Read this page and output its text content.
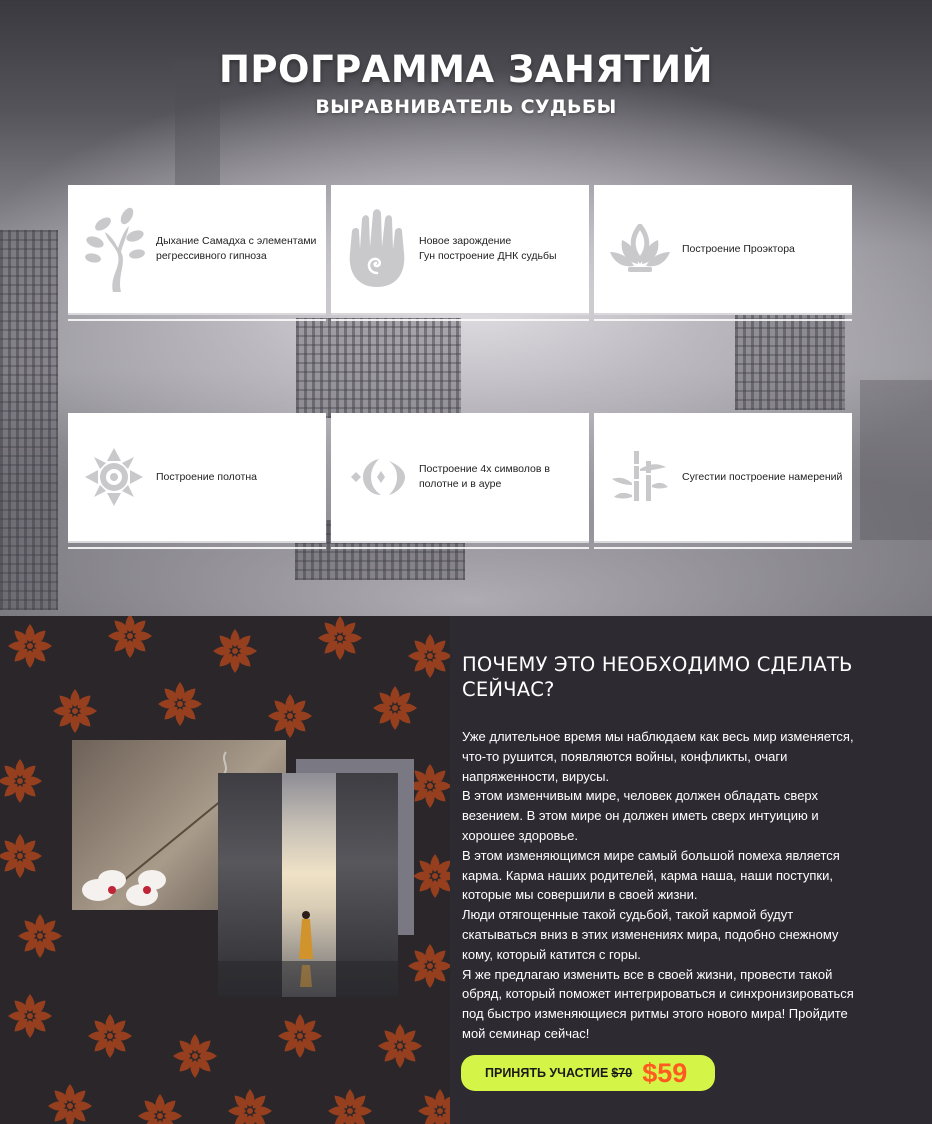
ПРОГРАММА ЗАНЯТИЙ
ВЫРАВНИВАТЕЛЬ СУДЬБЫ
Дыхание Самадха с элементами
регрессивного гипноза
Новое зарождение
Гун построение ДНК судьбы
Построение Проэктора
Построение полотна
Построение 4х символов в
полотне и в ауре
Сугестии построение намерений
ПОЧЕМУ ЭТО НЕОБХОДИМО СДЕЛАТЬ СЕЙЧАС?

Уже длительное время мы наблюдаем как весь мир изменяется, что-то рушится, появляются войны, конфликты, очаги напряженности, вирусы.

В этом изменчивым мире, человек должен обладать сверх везением. В этом мире он должен иметь сверх интуицию и хорошее здоровье.

В этом изменяющимся мире самый большой помеха является карма. Карма наших родителей, карма наша, наши поступки, которые мы совершили в своей жизни.

Люди отягощенные такой судьбой, такой кармой будут скатываться вниз в этих изменениях мира, подобно снежному кому, который катится с горы.

Я же предлагаю изменить все в своей жизни, провести такой обряд, который поможет интегрироваться и синхронизироваться под быстро изменяющиеся ритмы этого нового мира! Пройдите мой семинар сейчас!

ПРИНЯТЬ УЧАСТИЕ $70 $59
